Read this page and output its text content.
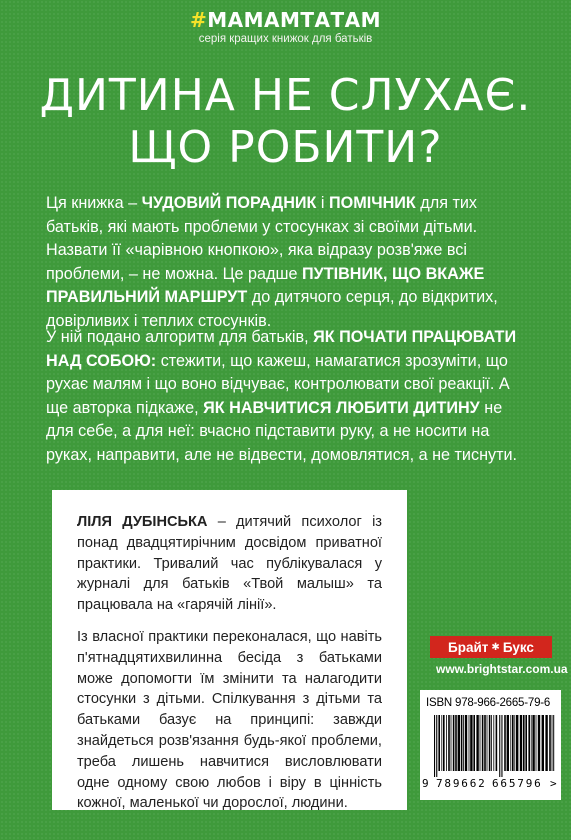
#МАМАМТАТАМ
серія кращих книжок для батьків
ДИТИНА НЕ СЛУХАЄ.
ЩО РОБИТИ?
Ця книжка – ЧУДОВИЙ ПОРАДНИК і ПОМІЧНИК для тих батьків, які мають проблеми у стосунках зі своїми дітьми. Назвати її «чарівною кнопкою», яка відразу розв'яже всі проблеми, – не можна. Це радше ПУТІВНИК, ЩО ВКАЖЕ ПРАВИЛЬНИЙ МАРШРУТ до дитячого серця, до відкритих, довірливих і теплих стосунків.
У ній подано алгоритм для батьків, ЯК ПОЧАТИ ПРАЦЮВАТИ НАД СОБОЮ: стежити, що кажеш, намагатися зрозуміти, що рухає малям і що воно відчуває, контролювати свої реакції. А ще авторка підкаже, ЯК НАВЧИТИСЯ ЛЮБИТИ ДИТИНУ не для себе, а для неї: вчасно підставити руку, а не носити на руках, направити, але не відвести, домовлятися, а не тиснути.

ЛІЛЯ ДУБІНСЬКА – дитячий психолог із понад двадцятирічним досвідом приватної практики. Тривалий час публікувалася у журналі для батьків «Твой малыш» та працювала на «гарячій лінії».

Із власної практики переконалася, що навіть п'ятнадцятихвилинна бесіда з батьками може допомогти їм змінити та налагодити стосунки з дітьми. Спілкування з дітьми та батьками базує на принципі: завжди знайдеться розв'язання будь-якої проблеми, треба лишень навчитися висловлювати одне одному свою любов і віру в цінність кожної, маленької чи дорослої, людини.

Брайт ✱ Букс
www.brightstar.com.ua
ISBN 978-966-2665-79-6
9 789662 665796 >
